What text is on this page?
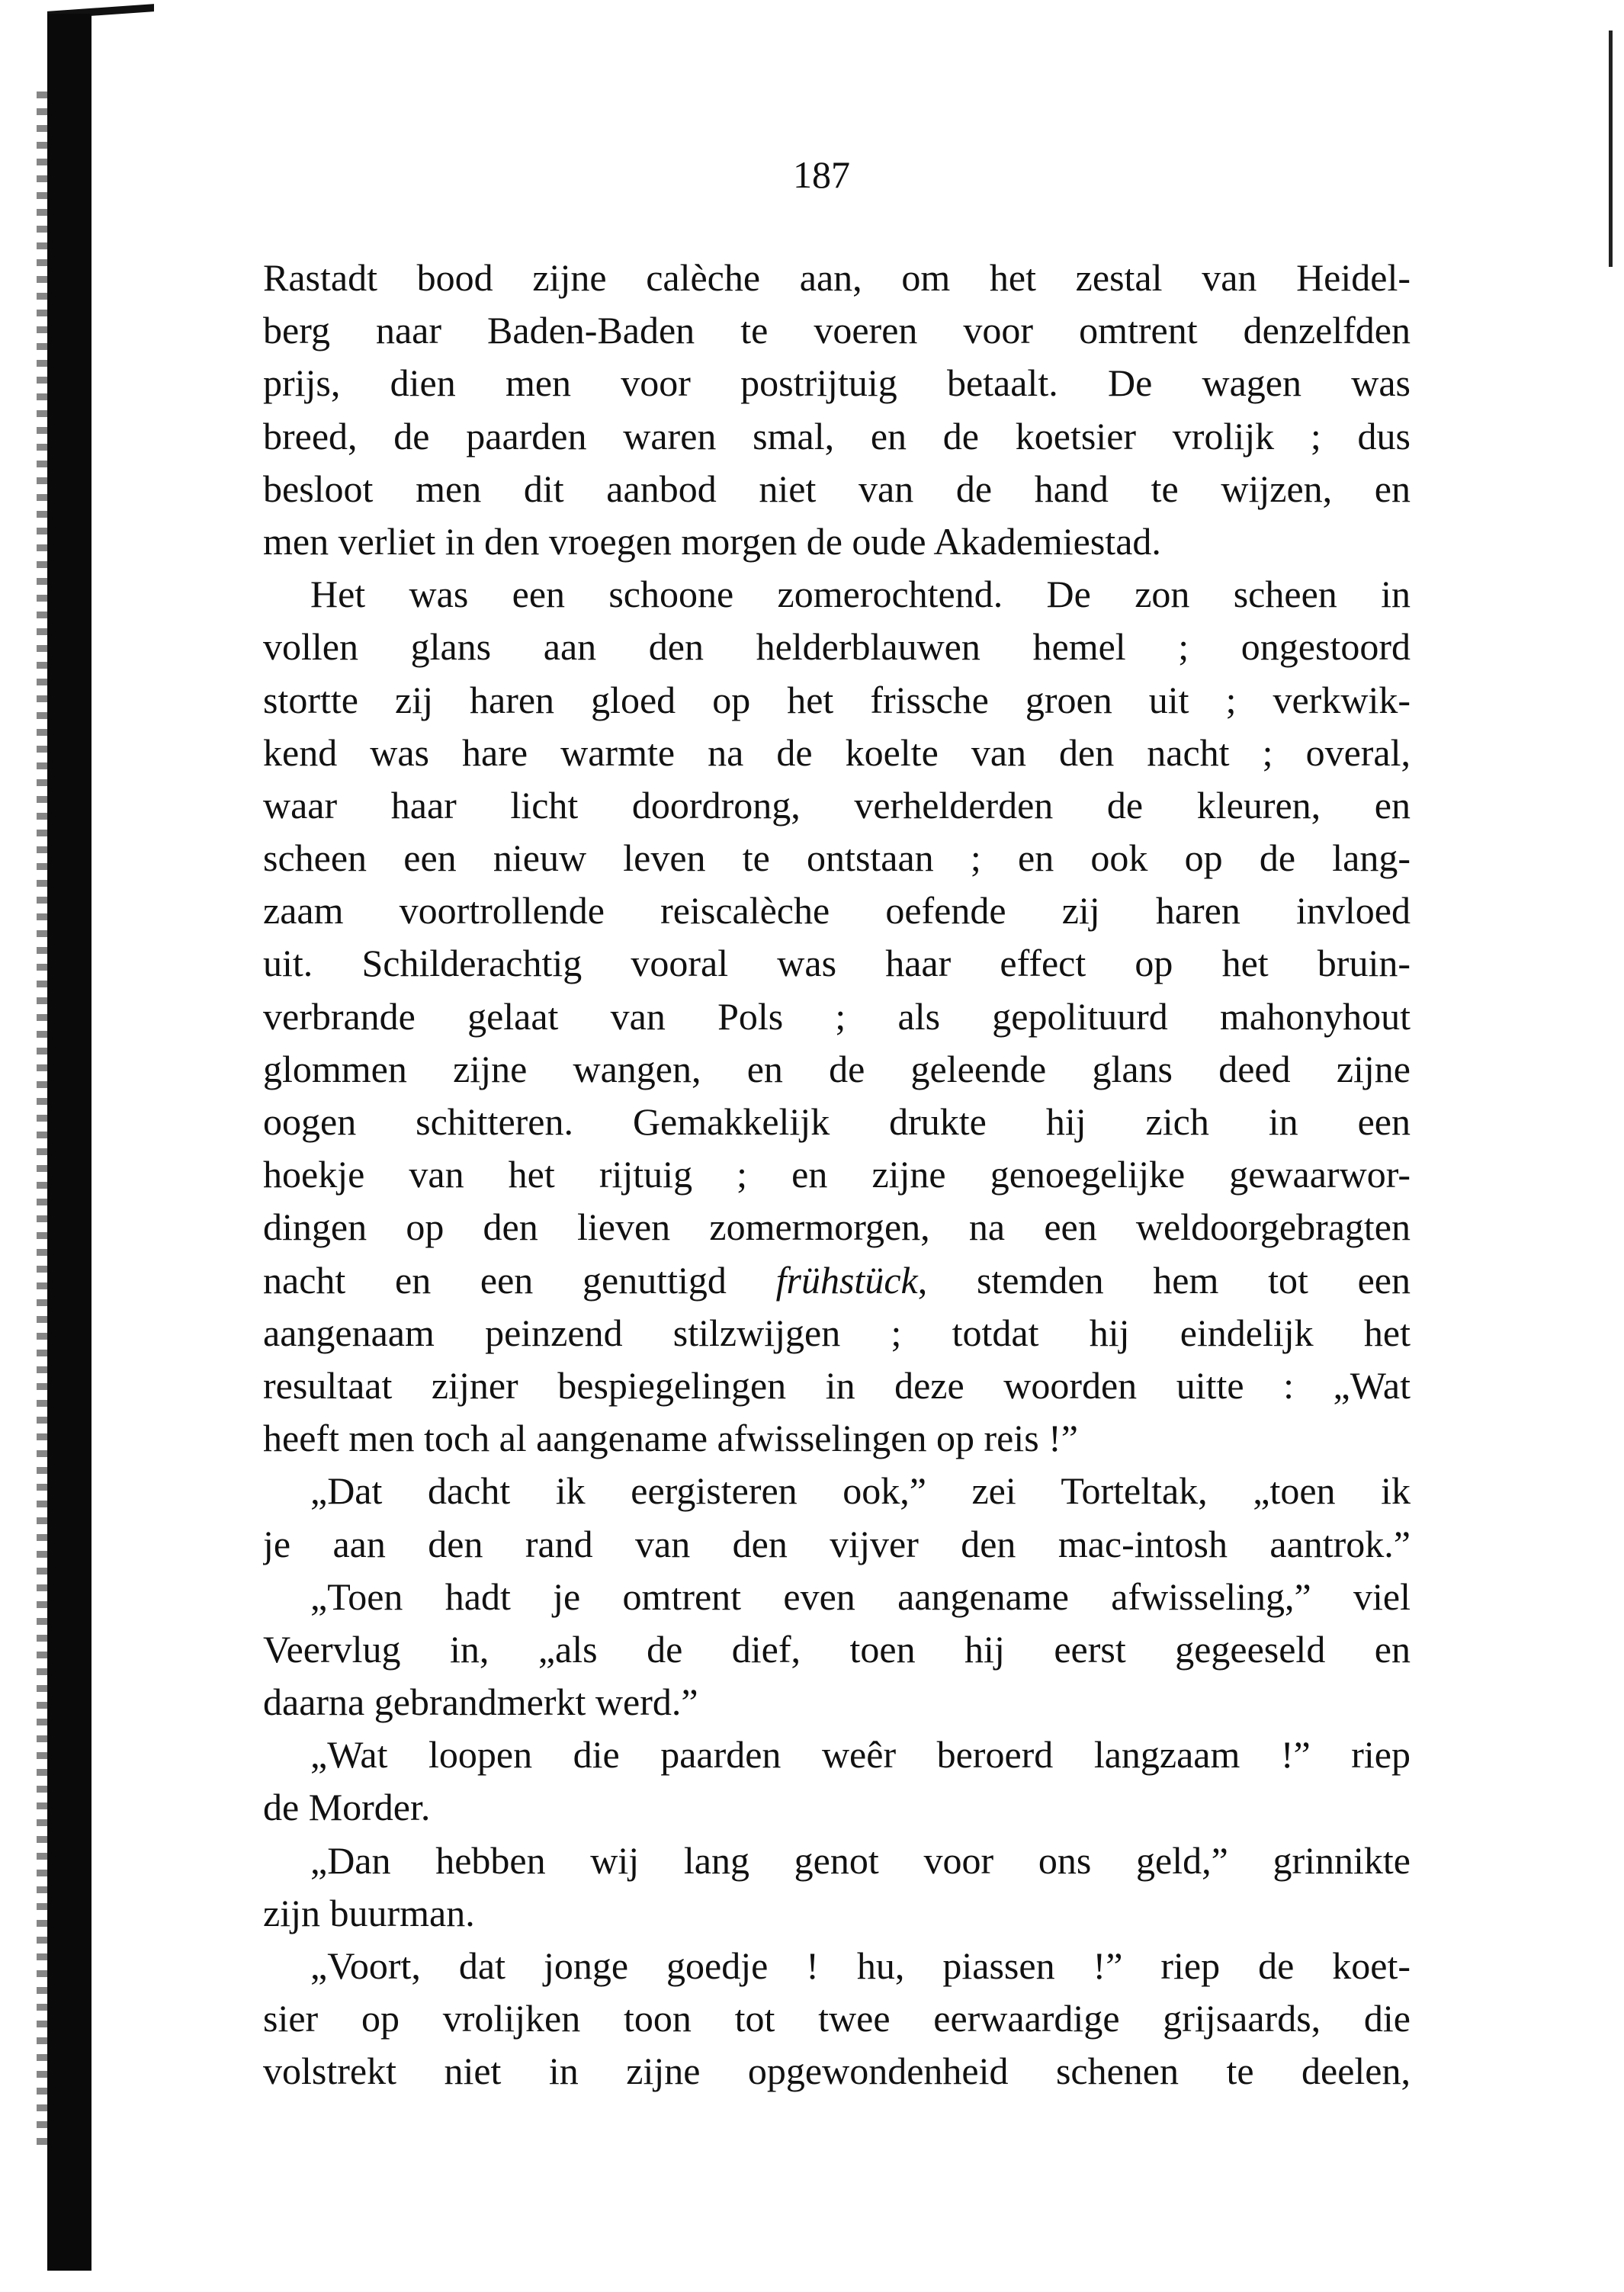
187
Rastadt bood zijne calèche aan, om het zestal van Heidel-
berg naar Baden-Baden te voeren voor omtrent denzelfden
prijs, dien men voor postrijtuig betaalt. De wagen was
breed, de paarden waren smal, en de koetsier vrolijk ; dus
besloot men dit aanbod niet van de hand te wijzen, en
men verliet in den vroegen morgen de oude Akademiestad.
Het was een schoone zomerochtend. De zon scheen in
vollen glans aan den helderblauwen hemel ; ongestoord
stortte zij haren gloed op het frissche groen uit ; verkwik-
kend was hare warmte na de koelte van den nacht ; overal,
waar haar licht doordrong, verhelderden de kleuren, en
scheen een nieuw leven te ontstaan ; en ook op de lang-
zaam voortrollende reiscalèche oefende zij haren invloed
uit. Schilderachtig vooral was haar effect op het bruin-
verbrande gelaat van Pols ; als gepolituurd mahonyhout
glommen zijne wangen, en de geleende glans deed zijne
oogen schitteren. Gemakkelijk drukte hij zich in een
hoekje van het rijtuig ; en zijne genoegelijke gewaarwor-
dingen op den lieven zomermorgen, na een weldoorgebragten
nacht en een genuttigd frühstück, stemden hem tot een
aangenaam peinzend stilzwijgen ; totdat hij eindelijk het
resultaat zijner bespiegelingen in deze woorden uitte : „Wat
heeft men toch al aangename afwisselingen op reis !”
„Dat dacht ik eergisteren ook,” zei Torteltak, „toen ik
je aan den rand van den vijver den mac-intosh aantrok.”
„Toen hadt je omtrent even aangename afwisseling,” viel
Veervlug in, „als de dief, toen hij eerst gegeeseld en
daarna gebrandmerkt werd.”
„Wat loopen die paarden weêr beroerd langzaam !” riep
de Morder.
„Dan hebben wij lang genot voor ons geld,” grinnikte
zijn buurman.
„Voort, dat jonge goedje ! hu, piassen !” riep de koet-
sier op vrolijken toon tot twee eerwaardige grijsaards, die
volstrekt niet in zijne opgewondenheid schenen te deelen,
